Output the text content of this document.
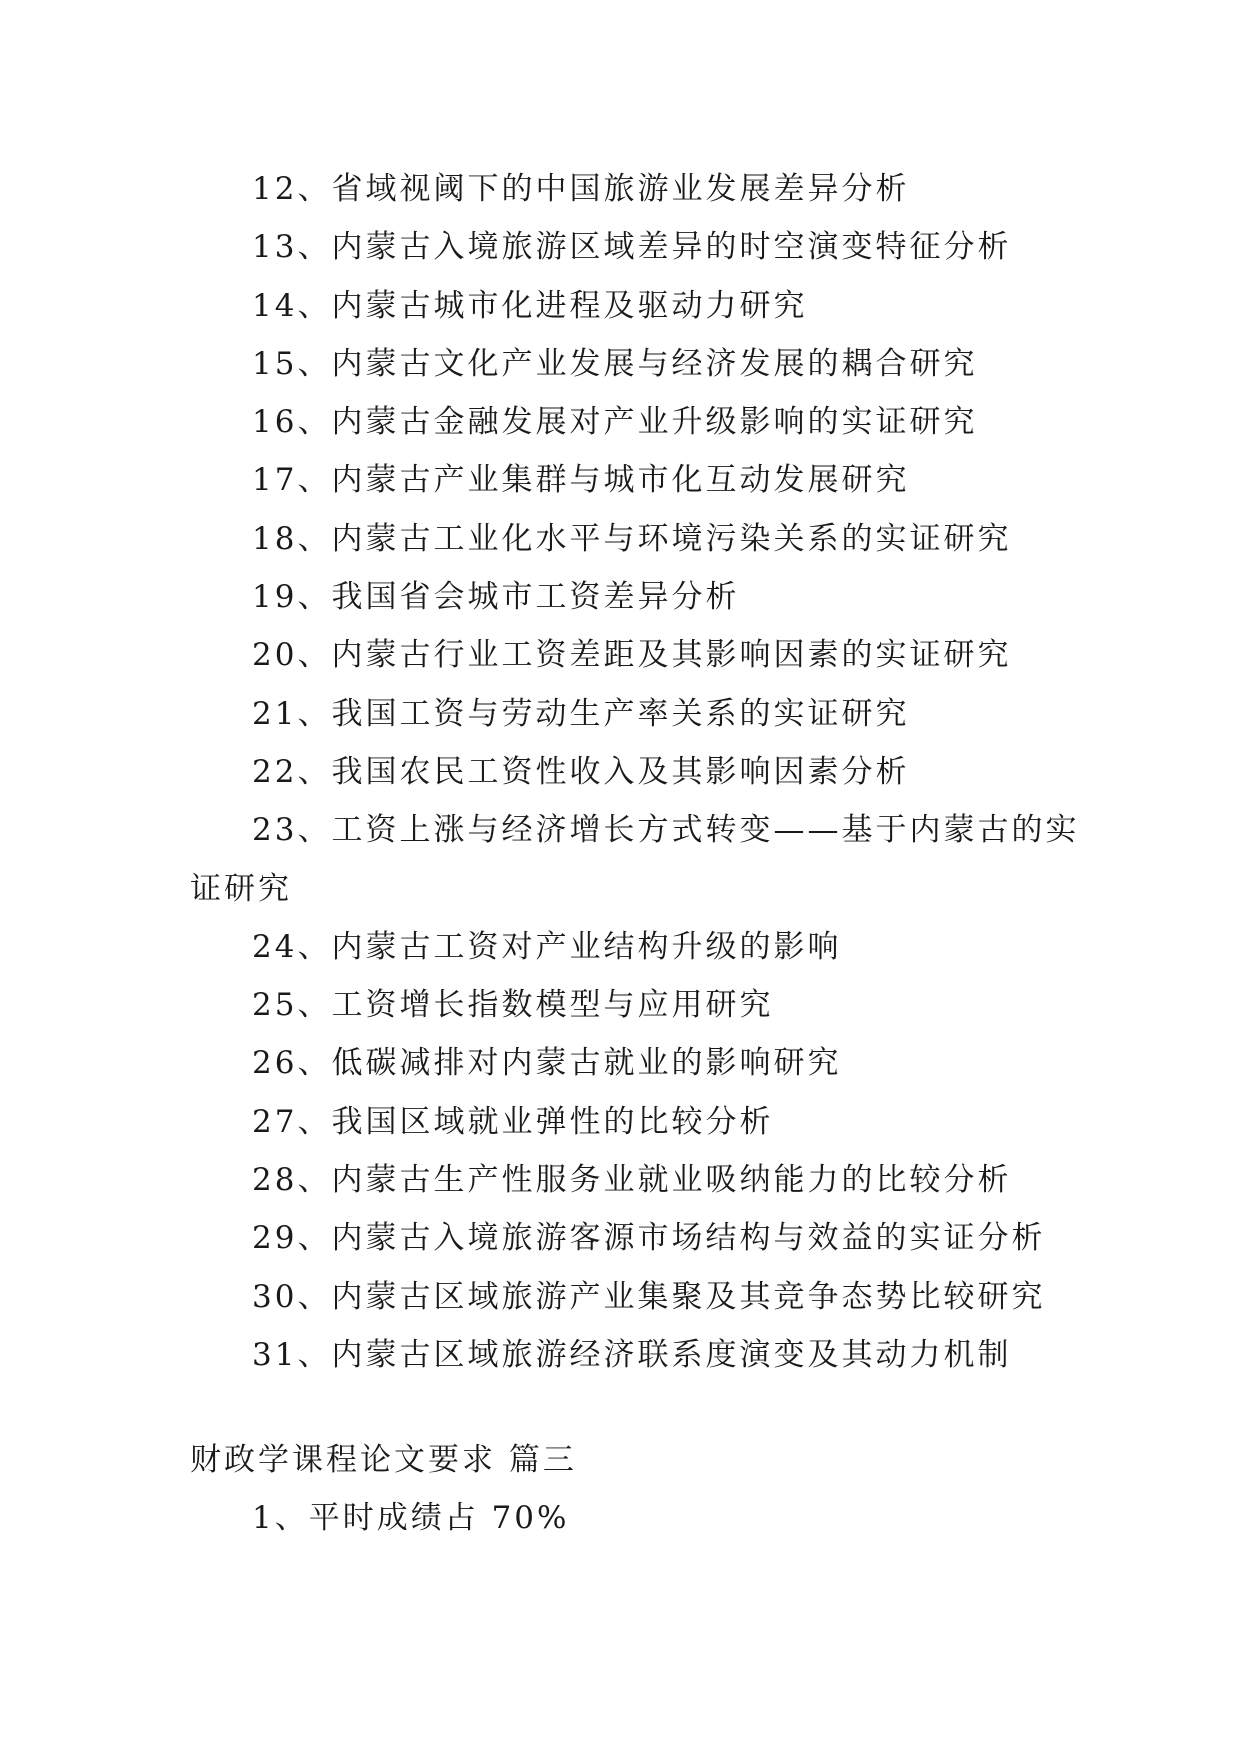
12、省域视阈下的中国旅游业发展差异分析
13、内蒙古入境旅游区域差异的时空演变特征分析
14、内蒙古城市化进程及驱动力研究
15、内蒙古文化产业发展与经济发展的耦合研究
16、内蒙古金融发展对产业升级影响的实证研究
17、内蒙古产业集群与城市化互动发展研究
18、内蒙古工业化水平与环境污染关系的实证研究
19、我国省会城市工资差异分析
20、内蒙古行业工资差距及其影响因素的实证研究
21、我国工资与劳动生产率关系的实证研究
22、我国农民工资性收入及其影响因素分析
23、工资上涨与经济增长方式转变——基于内蒙古的实
证研究
24、内蒙古工资对产业结构升级的影响
25、工资增长指数模型与应用研究
26、低碳减排对内蒙古就业的影响研究
27、我国区域就业弹性的比较分析
28、内蒙古生产性服务业就业吸纳能力的比较分析
29、内蒙古入境旅游客源市场结构与效益的实证分析
30、内蒙古区域旅游产业集聚及其竞争态势比较研究
31、内蒙古区域旅游经济联系度演变及其动力机制
财政学课程论文要求 篇三
1、平时成绩占 70%
